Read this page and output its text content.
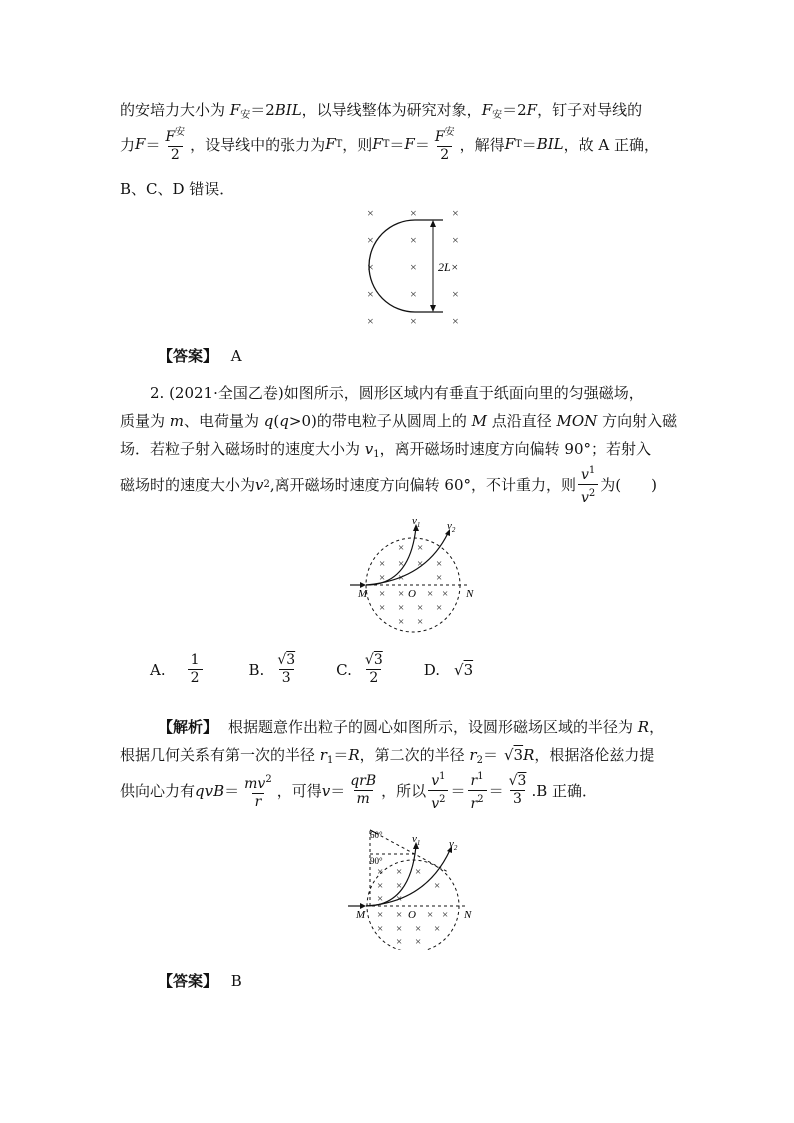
的安培力大小为 $F_安=2BIL$，以导线整体为研究对象，$F_安=2F$，钉子对导线的
力 $F = \frac{F^安}{2}$ ，设导线中的张力为 F T ，则 F $T = F = \frac{F^安}{2}$ ，解得 F T ＝ BIL ，故 A 正确，
B、C、D 错误．
×	×	×
×	×	×
×	×
×	×	×
×	×	×
2L×
【答案】 A
2. (2021·全国乙卷)如图所示，圆形区域内有垂直于纸面向里的匀强磁场，
质量为 m、电荷量为 q(q>0)的带电粒子从圆周上的 M 点沿直径 MON 方向射入磁
场．若粒子射入磁场时的速度大小为 $v_1$，离开磁场时速度方向偏转 90°；若射入
磁场时的速度大小为 v 2 ,离开磁场时速度方向偏转 60°，不计重力，则 $\frac{v^1}{v^2}$ 为(　　)
× ×
× × × ×
× ×	×
× × × ×
× × × ×
× ×
$v_1$ $v_2$
M	O	N
A. $\frac{1}{2}$	B. $\frac{√3}{3}$	C. $\frac{√3}{2}$	D. √3
【解析】 根据题意作出粒子的圆心如图所示，设圆形磁场区域的半径为 R，
根据几何关系有第一次的半径 $r_1=R$，第二次的半径 $r_2= √3R$，根据洛伦兹力提
供向心力有 qvB ＝ $\frac{mv^2}{r}$ ，可得 $v = \frac{\text{qrB}}{m}$ ，所以 $\frac{v^1}{v^2} = \frac{r^1}{r^2} = \frac{√3}{3} .B$ 正确．
60°
90°
× × ×
× ×	×
× ×
× × × ×
× × × ×
× ×
$v_1$	$v_2$
M	O	N
【答案】 B
